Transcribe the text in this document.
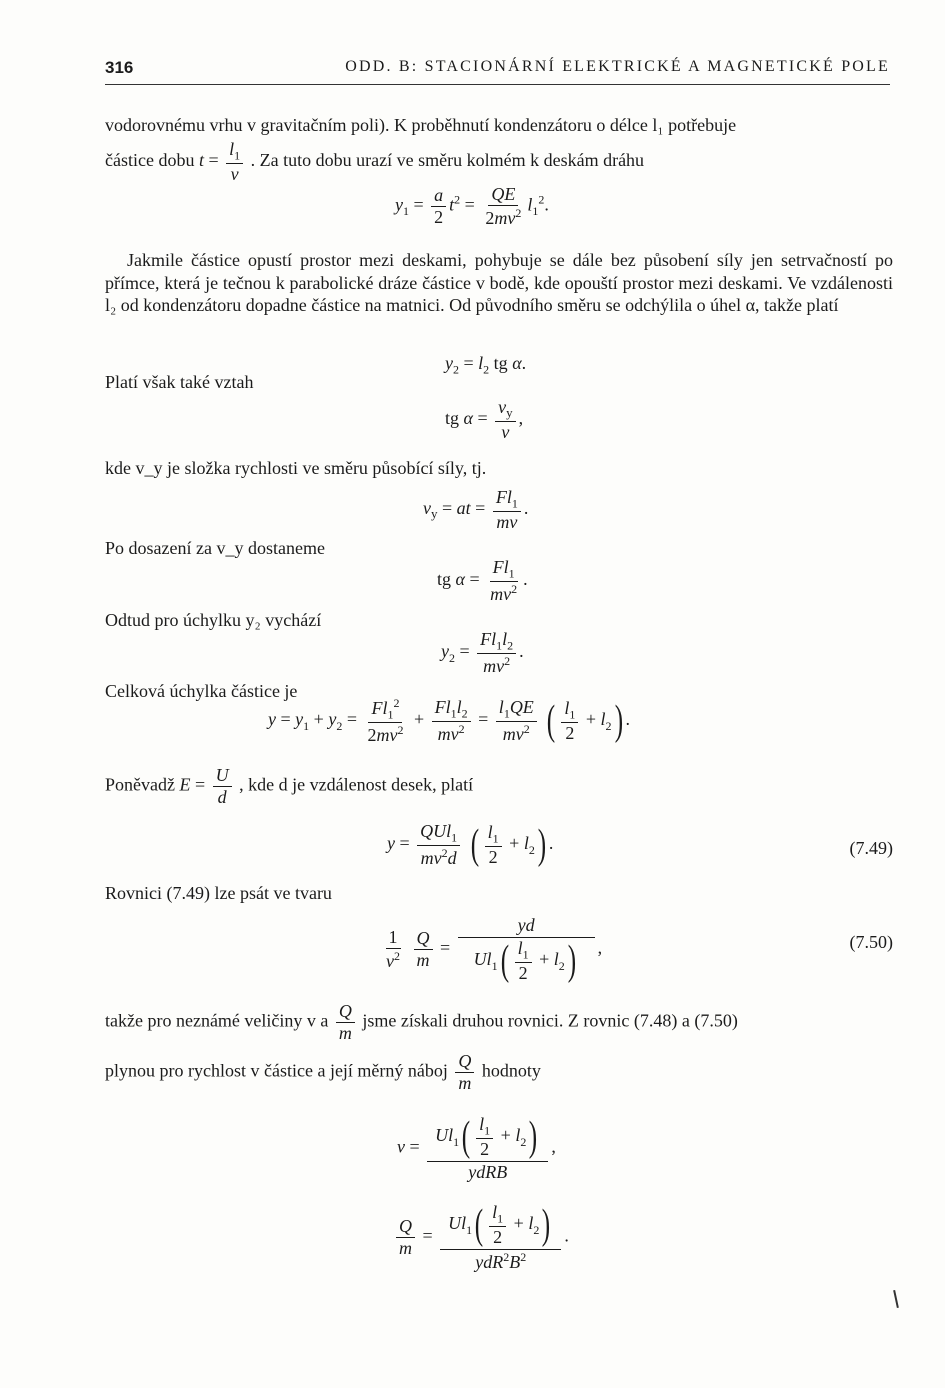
316	ODD. B: STACIONÁRNÍ ELEKTRICKÉ A MAGNETICKÉ POLE
vodorovnému vrhu v gravitačním poli). K proběhnutí kondenzátoru o délce l₁ potřebuje
částice dobu $t = \frac{l_1}{v}$ . Za tuto dobu urazí ve směru kolmém k deskám dráhu
$y_1 = \frac{a}{2} t^2 = \frac{QE}{2mv^2} l_1^2$.
Jakmile částice opustí prostor mezi deskami, pohybuje se dále bez působení síly jen setrvačností po přímce, která je tečnou k parabolické dráze částice v bodě, kde opouští prostor mezi deskami. Ve vzdálenosti l₂ od kondenzátoru dopadne částice na matnici. Od původního směru se odchýlila o úhel α, takže platí
$y_2 = l_2$ tg α.
Platí však také vztah
tg $\alpha = \frac{v_y}{v}$ ,
kde v_y je složka rychlosti ve směru působící síly, tj.
$v_y$ = at = $\frac{Fl_1}{mv}$ .
Po dosazení za v_y dostaneme
tg $\alpha = \frac{Fl_1}{mv^2}$ .
Odtud pro úchylku y₂ vychází
$y_2 = \frac{Fl_1l_2}{mv^2}$ .
Celková úchylka částice je
$y = y_1 + y_2 = \frac{Fl_1^2}{2mv^2} + \frac{Fl_1l_2}{mv^2} = \frac{l_1QE}{mv^2}$ ( $\frac{l_1}{2} + l_2$) .
Poněvadž $E = \frac{U}{d}$ , kde d je vzdálenost desek, platí
$y = \frac{QUl_1}{mv^2d}$ ( $\frac{l_1}{2} + l_2$) .	(7.49)
Rovnici (7.49) lze psát ve tvaru
$\frac{1}{v^2}$
$\frac{Q}{m} = \frac{yd}{Ul_1( \frac{l_1}{2} + l_2)}$ ,	(7.50)
takže pro neznámé veličiny v a $\frac{Q}{m}$ jsme získali druhou rovnici. Z rovnic (7.48) a (7.50)
plynou pro rychlost v částice a její měrný náboj $\frac{Q}{m}$ hodnoty
$v = \frac{Ul_1( \frac{l_1}{2} + l_2)}{\text{ydRB}}$ ,
$\frac{Q}{m} = \frac{Ul_1( \frac{l_1}{2} + l_2)}{ydR^2B^2}$ .
